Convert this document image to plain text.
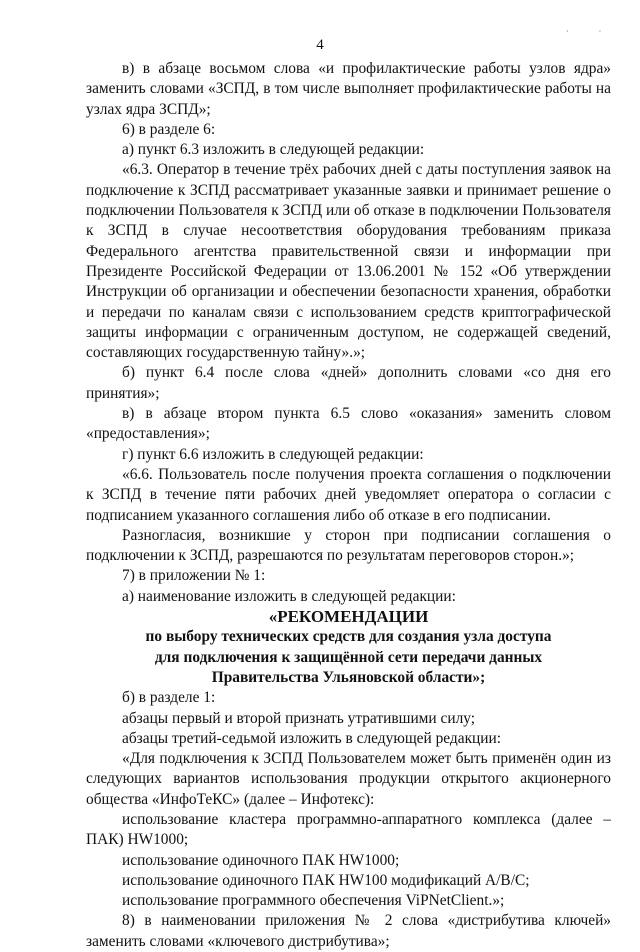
· ·
4

в) в абзаце восьмом слова «и профилактические работы узлов ядра» заменить словами «ЗСПД, в том числе выполняет профилактические работы на узлах ядра ЗСПД»;

6) в разделе 6:

а) пункт 6.3 изложить в следующей редакции:

«6.3. Оператор в течение трёх рабочих дней с даты поступления заявок на подключение к ЗСПД рассматривает указанные заявки и принимает решение о подключении Пользователя к ЗСПД или об отказе в подключении Пользователя к ЗСПД в случае несоответствия оборудования требованиям приказа Федерального агентства правительственной связи и информации при Президенте Российской Федерации от 13.06.2001 № 152 «Об утверждении Инструкции об организации и обеспечении безопасности хранения, обработки и передачи по каналам связи с использованием средств криптографической защиты информации с ограниченным доступом, не содержащей сведений, составляющих государственную тайну».»;

б) пункт 6.4 после слова «дней» дополнить словами «со дня его принятия»;

в) в абзаце втором пункта 6.5 слово «оказания» заменить словом «предоставления»;

г) пункт 6.6 изложить в следующей редакции:

«6.6. Пользователь после получения проекта соглашения о подключении к ЗСПД в течение пяти рабочих дней уведомляет оператора о согласии с подписанием указанного соглашения либо об отказе в его подписании.

Разногласия, возникшие у сторон при подписании соглашения о подключении к ЗСПД, разрешаются по результатам переговоров сторон.»;

7) в приложении № 1:

а) наименование изложить в следующей редакции:

«РЕКОМЕНДАЦИИ

по выбору технических средств для создания узла доступа

для подключения к защищённой сети передачи данных

Правительства Ульяновской области»;

б) в разделе 1:

абзацы первый и второй признать утратившими силу;

абзацы третий-седьмой изложить в следующей редакции:

«Для подключения к ЗСПД Пользователем может быть применён один из следующих вариантов использования продукции открытого акционерного общества «ИнфоТеКС» (далее – Инфотекс):

использование кластера программно-аппаратного комплекса (далее – ПАК) HW1000;

использование одиночного ПАК HW1000;

использование одиночного ПАК HW100 модификаций A/B/C;

использование программного обеспечения ViPNetClient.»;

8) в наименовании приложения № 2 слова «дистрибутива ключей» заменить словами «ключевого дистрибутива»;
